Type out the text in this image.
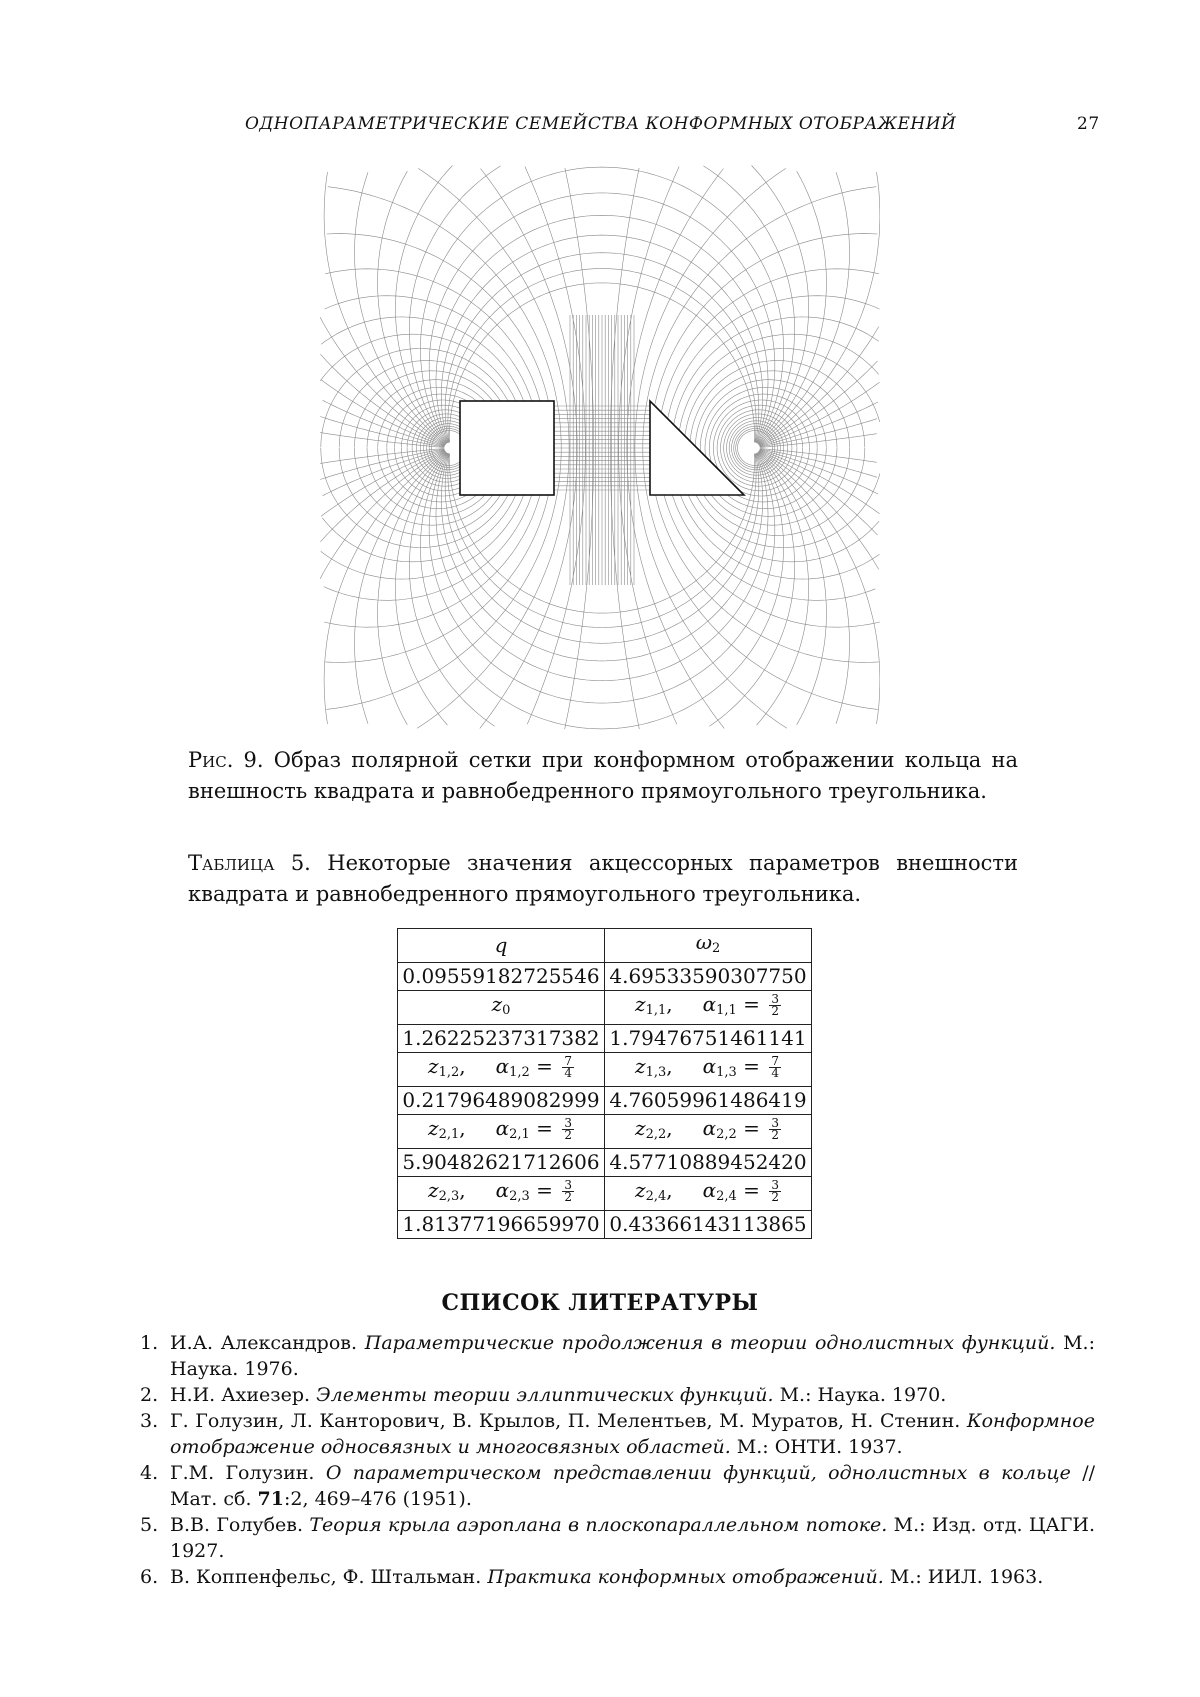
ОДНОПАРАМЕТРИЧЕСКИЕ СЕМЕЙСТВА КОНФОРМНЫХ ОТОБРАЖЕНИЙ	27
Рис. 9. Образ полярной сетки при конформном отображении кольца на внешность квадрата и равнобедренного прямоугольного треугольника.
Таблица 5. Некоторые значения акцессорных параметров внешности квадрата и равнобедренного прямоугольного треугольника.
q	$\omega_2$
0.09559182725546	4.69533590307750
$z_0$	$z_{1,1}$,  $\alpha_{1,1} = \frac{3}{2}$

1.26225237317382	1.79476751461141
$z_{1,2}$,  $\alpha_{1,2} = \frac{7}{4}$	$z_{1,3}$,  $\alpha_{1,3} = \frac{7}{4}$

0.21796489082999	4.76059961486419
$z_{2,1}$,  $\alpha_{2,1} = \frac{3}{2}$	$z_{2,2}$,  $\alpha_{2,2} = \frac{3}{2}$

5.90482621712606	4.57710889452420
$z_{2,3}$,  $\alpha_{2,3} = \frac{3}{2}$	$z_{2,4}$,  $\alpha_{2,4} = \frac{3}{2}$

1.81377196659970	0.43366143113865
СПИСОК ЛИТЕРАТУРЫ
1. И.А. Александров. Параметрические продолжения в теории однолистных функций. М.: Наука. 1976.
2. Н.И. Ахиезер. Элементы теории эллиптических функций. М.: Наука. 1970.
3. Г. Голузин, Л. Канторович, В. Крылов, П. Мелентьев, М. Муратов, Н. Стенин. Конформное отображение односвязных и многосвязных областей. М.: ОНТИ. 1937.
4. Г.М. Голузин. О параметрическом представлении функций, однолистных в кольце // Мат. сб. 71:2, 469–476 (1951).
5. В.В. Голубев. Теория крыла аэроплана в плоскопараллельном потоке. М.: Изд. отд. ЦАГИ. 1927.
6. В. Коппенфельс, Ф. Штальман. Практика конформных отображений. М.: ИИЛ. 1963.
